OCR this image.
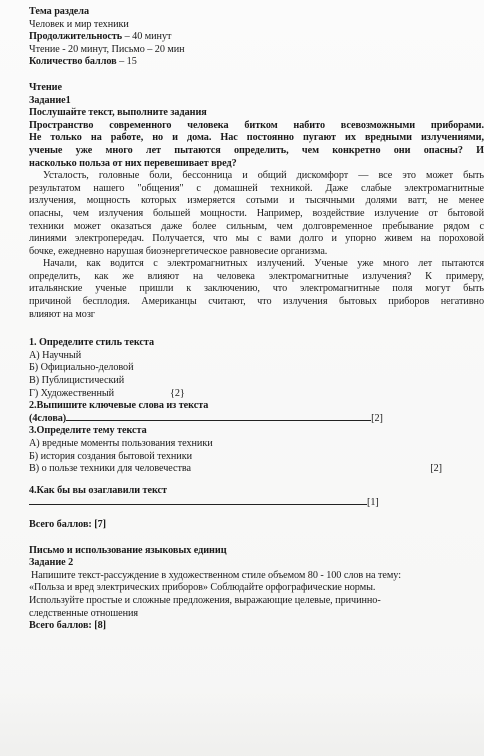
Тема раздела
Человек и мир техники
Продолжительность – 40 минут
Чтение - 20 минут, Письмо – 20 мин
Количество баллов – 15
Чтение
Задание1
Послушайте текст, выполните задания
Пространство современного человека битком набито всевозможными приборами.
Не только на работе, но и дома. Нас постоянно пугают их вредными излучениями,
ученые уже много лет пытаются определить, чем конкретно они опасны? И
насколько польза от них перевешивает вред?
Усталость, головные боли, бессонница и общий дискомфорт — все это может быть
результатом нашего "общения" с домашней техникой. Даже слабые электромагнитные
излучения, мощность которых измеряется сотыми и тысячными долями ватт, не менее
опасны, чем излучения большей мощности. Например, воздействие излучение от бытовой
техники может оказаться даже более сильным, чем долговременное пребывание рядом с
линиями электропередач. Получается, что мы с вами долго и упорно живем на пороховой
бочке, ежедневно нарушая биоэнергетическое равновесие организма.
Начали, как водится с электромагнитных излучений. Ученые уже много лет пытаются
определить, как же влияют на человека электромагнитные излучения? К примеру,
итальянские ученые пришли к заключению, что электромагнитные поля могут быть
причиной бесплодия. Американцы считают, что излучения бытовых приборов негативно
влияют на мозг
1. Определите стиль текста
А) Научный
Б) Официально-деловой
В) Публицистический
Г) Художественный	{2}
2.Выпишите ключевые слова из текста
(4слова)	[2]
3.Определите тему текста
А) вредные моменты пользования техники
Б) история создания бытовой техники
В) о пользе техники для человечества	[2]
4.Как бы вы озаглавили текст
[1]
Всего баллов: [7]
Письмо и использование языковых единиц
Задание 2
Напишите текст-рассуждение в художественном стиле объемом 80 - 100 слов на тему:
«Польза и вред электрических приборов» Соблюдайте орфографические нормы.
Используйте простые и сложные предложения, выражающие целевые, причинно-
следственные отношения
Всего баллов: [8]
